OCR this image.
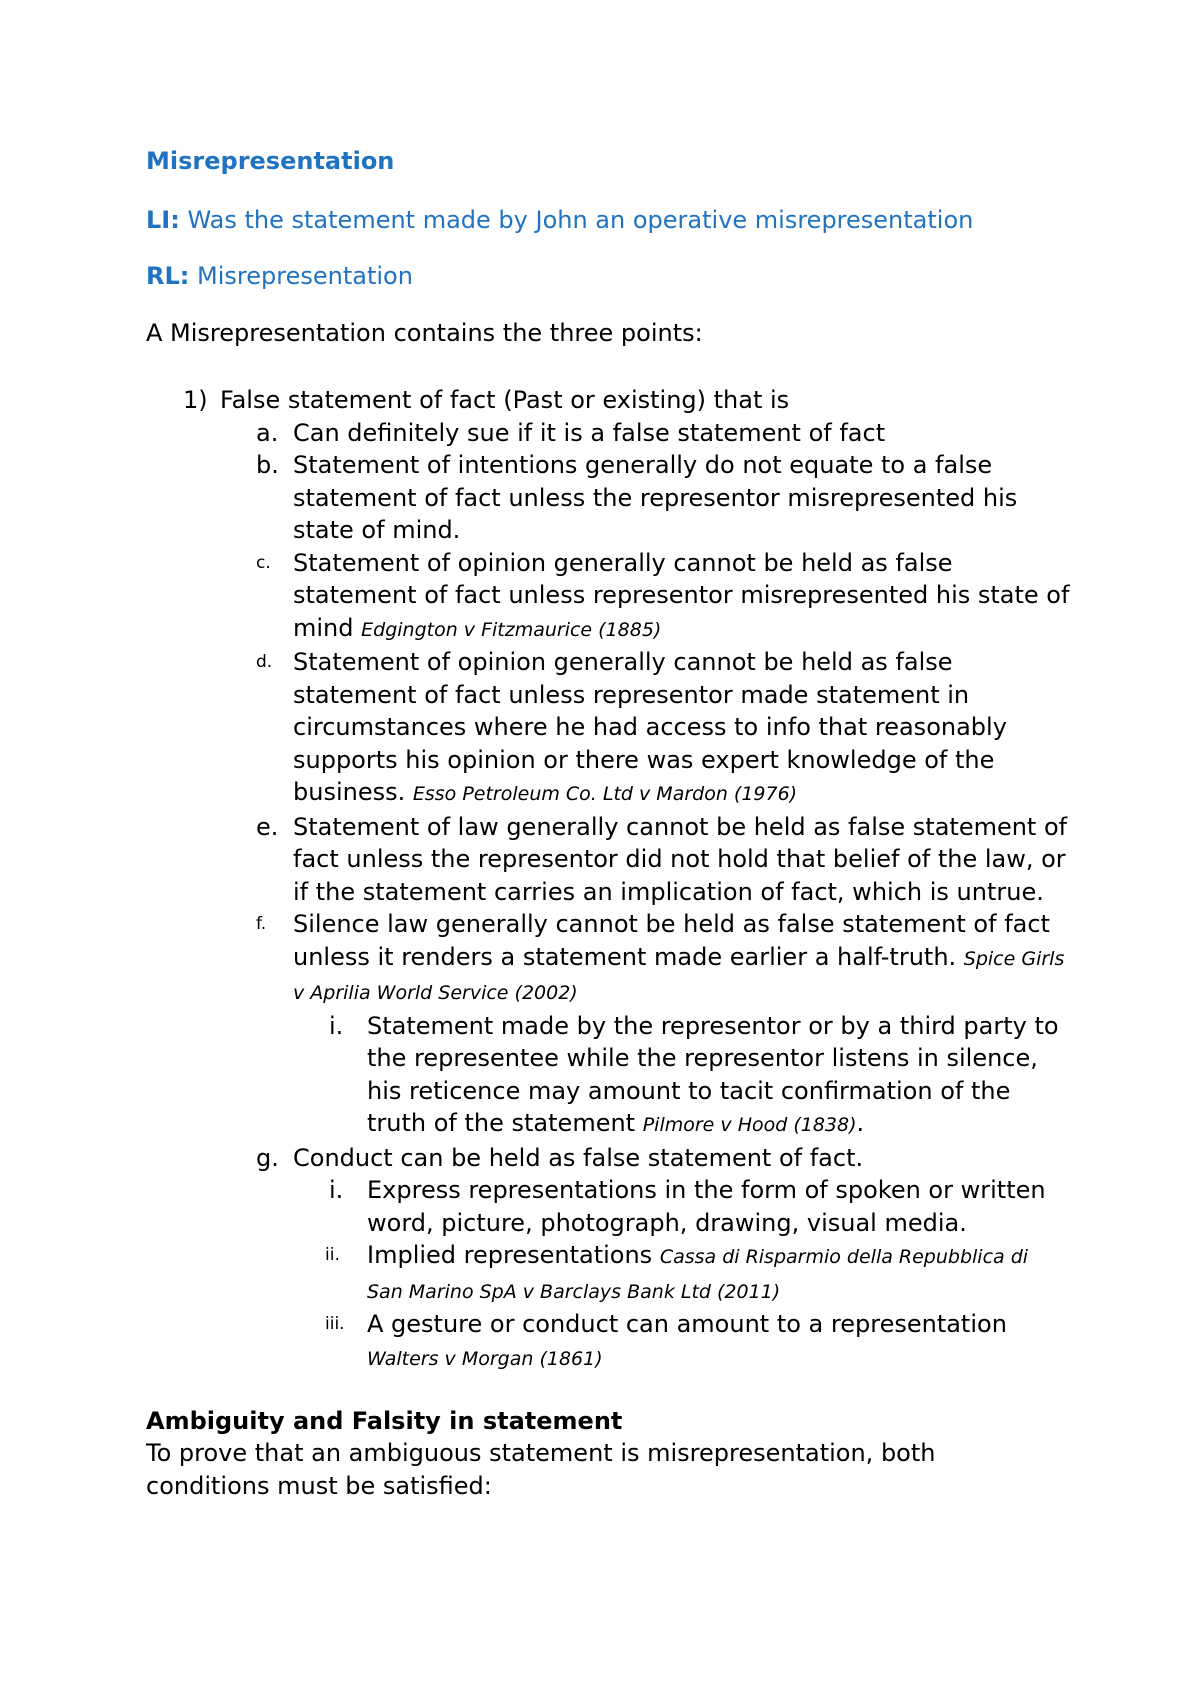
Misrepresentation

LI: Was the statement made by John an operative misrepresentation

RL: Misrepresentation

A Misrepresentation contains the three points:

1) False statement of fact (Past or existing) that is
a. Can definitely sue if it is a false statement of fact
b. Statement of intentions generally do not equate to a false statement of fact unless the representor misrepresented his state of mind.
c. Statement of opinion generally cannot be held as false statement of fact unless representor misrepresented his state of mind Edgington v Fitzmaurice (1885)
d. Statement of opinion generally cannot be held as false statement of fact unless representor made statement in circumstances where he had access to info that reasonably supports his opinion or there was expert knowledge of the business. Esso Petroleum Co. Ltd v Mardon (1976)
e. Statement of law generally cannot be held as false statement of fact unless the representor did not hold that belief of the law, or if the statement carries an implication of fact, which is untrue.
f. Silence law generally cannot be held as false statement of fact unless it renders a statement made earlier a half-truth. Spice Girls v Aprilia World Service (2002)
i. Statement made by the representor or by a third party to the representee while the representor listens in silence, his reticence may amount to tacit confirmation of the truth of the statement Pilmore v Hood (1838).
g. Conduct can be held as false statement of fact.
i. Express representations in the form of spoken or written word, picture, photograph, drawing, visual media.
ii. Implied representations Cassa di Risparmio della Repubblica di San Marino SpA v Barclays Bank Ltd (2011)
iii. A gesture or conduct can amount to a representation Walters v Morgan (1861)
Ambiguity and Falsity in statement

To prove that an ambiguous statement is misrepresentation, both conditions must be satisfied:
